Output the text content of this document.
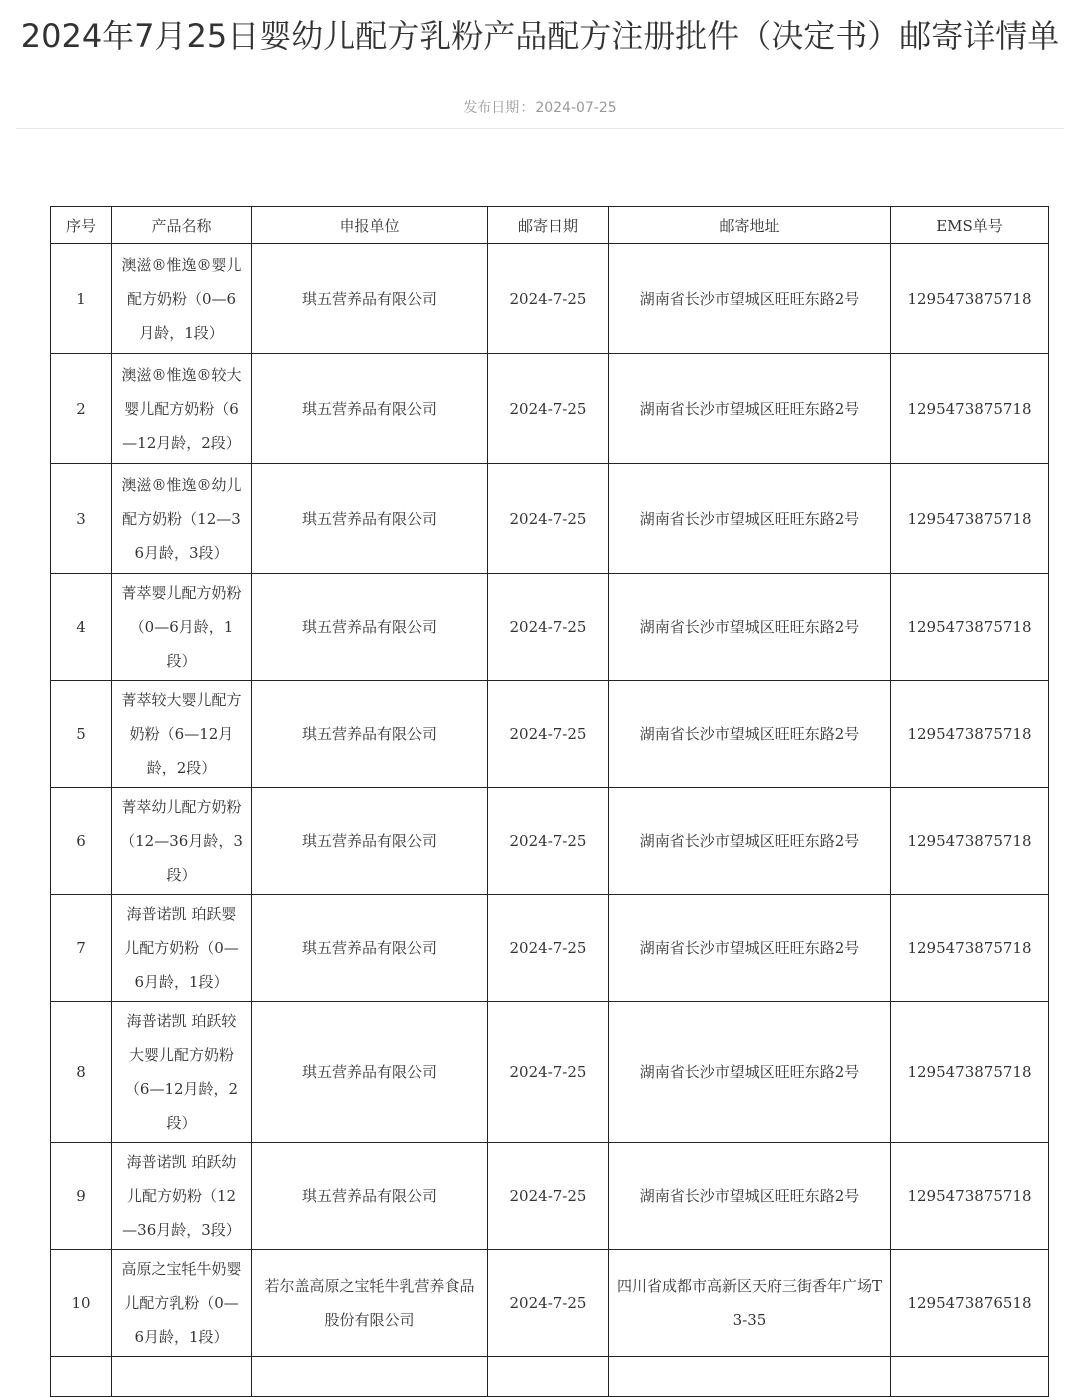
2024年7月25日婴幼儿配方乳粉产品配方注册批件（决定书）邮寄详情单
发布日期：2024-07-25
序号	产品名称	申报单位	邮寄日期	邮寄地址	EMS单号
1	澳滋®惟逸®婴儿配方奶粉（0—6月龄，1段）	琪五营养品有限公司	2024-7-25	湖南省长沙市望城区旺旺东路2号	1295473875718
2	澳滋®惟逸®较大婴儿配方奶粉（6—12月龄，2段）	琪五营养品有限公司	2024-7-25	湖南省长沙市望城区旺旺东路2号	1295473875718
3	澳滋®惟逸®幼儿配方奶粉（12—36月龄，3段）	琪五营养品有限公司	2024-7-25	湖南省长沙市望城区旺旺东路2号	1295473875718
4	菁萃婴儿配方奶粉（0—6月龄，1段）	琪五营养品有限公司	2024-7-25	湖南省长沙市望城区旺旺东路2号	1295473875718
5	菁萃较大婴儿配方奶粉（6—12月龄，2段）	琪五营养品有限公司	2024-7-25	湖南省长沙市望城区旺旺东路2号	1295473875718
6	菁萃幼儿配方奶粉（12—36月龄，3段）	琪五营养品有限公司	2024-7-25	湖南省长沙市望城区旺旺东路2号	1295473875718
7	海普诺凯 珀跃婴儿配方奶粉（0—6月龄，1段）	琪五营养品有限公司	2024-7-25	湖南省长沙市望城区旺旺东路2号	1295473875718
8	海普诺凯 珀跃较大婴儿配方奶粉（6—12月龄，2段）	琪五营养品有限公司	2024-7-25	湖南省长沙市望城区旺旺东路2号	1295473875718
9	海普诺凯 珀跃幼儿配方奶粉（12—36月龄，3段）	琪五营养品有限公司	2024-7-25	湖南省长沙市望城区旺旺东路2号	1295473875718
10	高原之宝牦牛奶婴儿配方乳粉（0—6月龄，1段）	若尔盖高原之宝牦牛乳营养食品股份有限公司	2024-7-25	四川省成都市高新区天府三街香年广场T3-35	1295473876518
